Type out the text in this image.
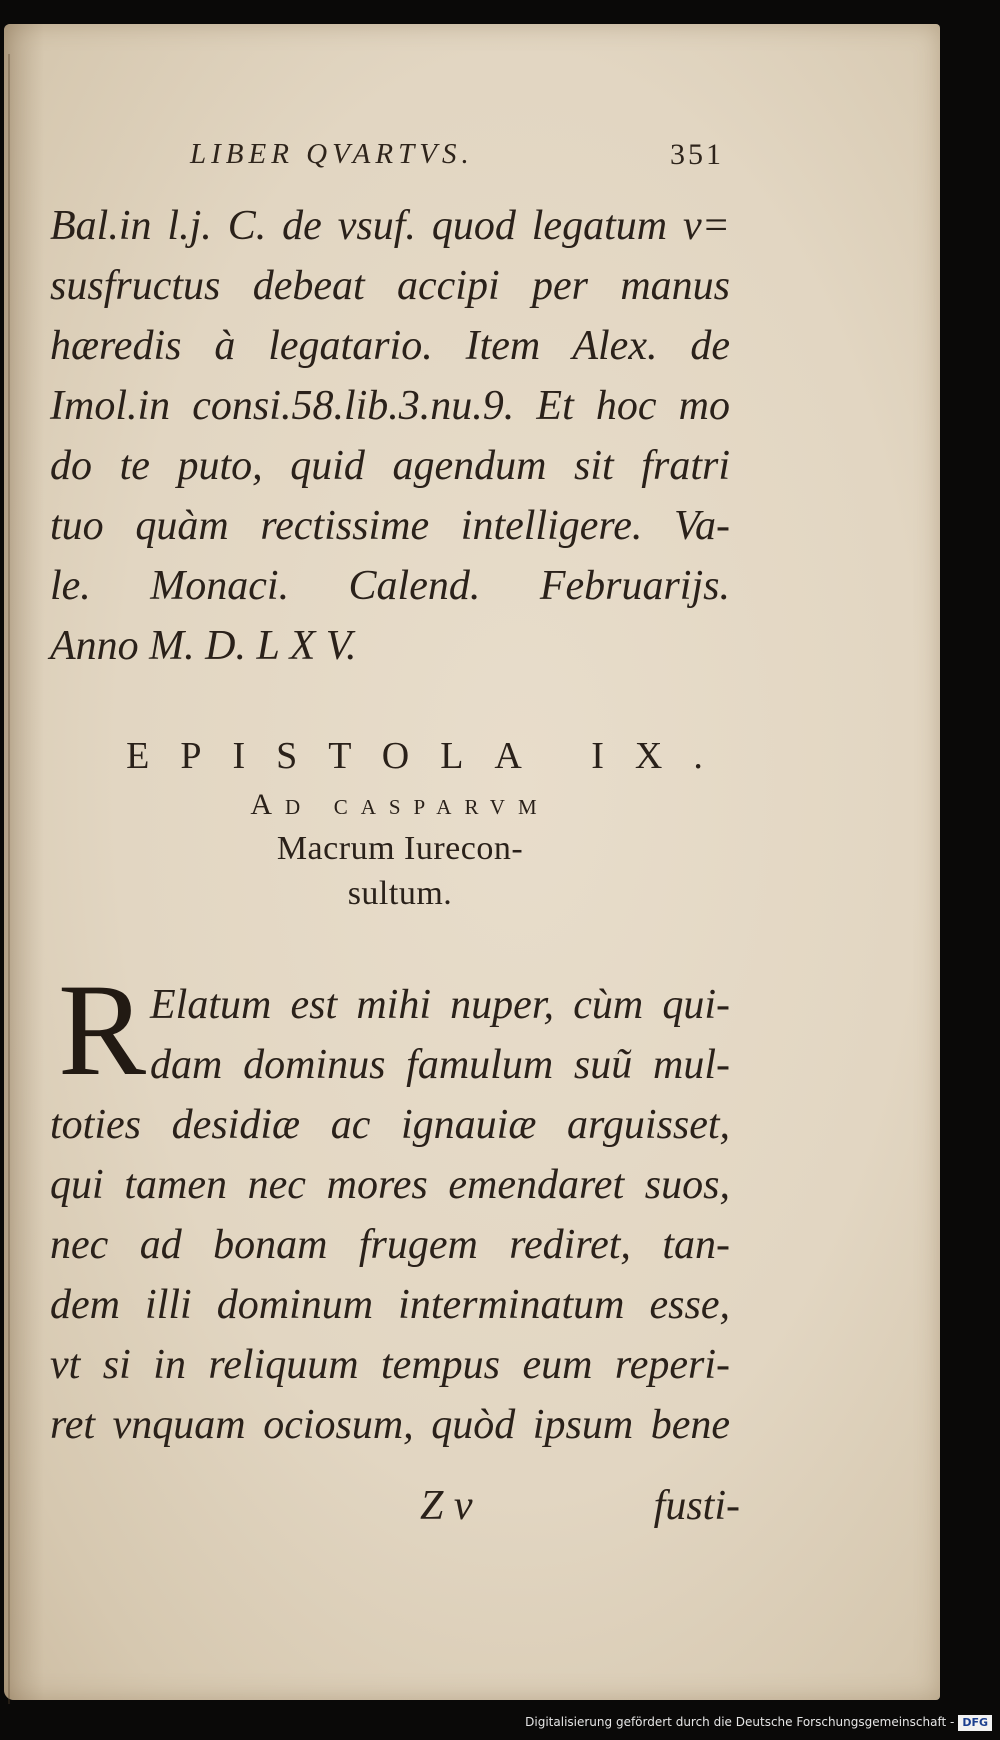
LIBER QVARTVS.	351
Bal.in l.j. C. de vsuf. quod legatum v=
susfructus debeat accipi per manus
hæredis à legatario. Item Alex. de
Imol.in consi.58.lib.3.nu.9. Et hoc mo
do te puto, quid agendum sit fratri
tuo quàm rectissime intelligere. Va-
le. Monaci. Calend. Februarijs.
Anno M. D. L X V.
EPISTOLA IX.
Ad casparvm
Macrum Iurecon-
sultum.
R Elatum est mihi nuper, cùm qui-
dam dominus famulum suũ mul-
toties desidiæ ac ignauiæ arguisset,
qui tamen nec mores emendaret suos,
nec ad bonam frugem rediret, tan-
dem illi dominum interminatum esse,
vt si in reliquum tempus eum reperi-
ret vnquam ociosum, quòd ipsum bene
Z v	fusti-
Digitalisierung gefördert durch die Deutsche Forschungsgemeinschaft - DFG
